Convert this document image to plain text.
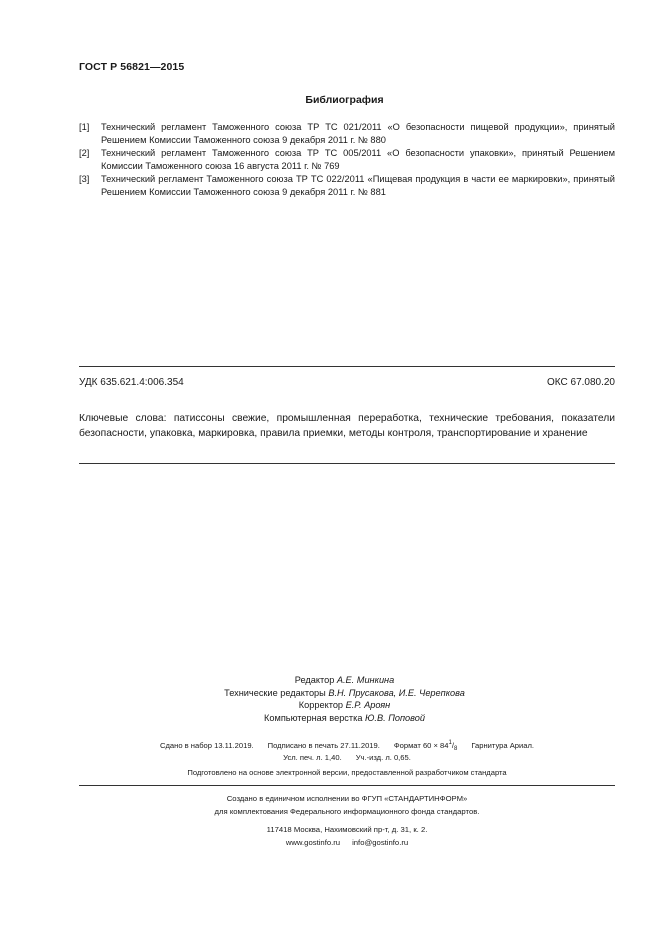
ГОСТ Р 56821—2015
Библиография
[1] Технический регламент Таможенного союза ТР ТС 021/2011 «О безопасности пищевой продукции», принятый Решением Комиссии Таможенного союза 9 декабря 2011 г. № 880
[2] Технический регламент Таможенного союза ТР ТС 005/2011 «О безопасности упаковки», принятый Решением Комиссии Таможенного союза 16 августа 2011 г. № 769
[3] Технический регламент Таможенного союза ТР ТС 022/2011 «Пищевая продукция в части ее маркировки», принятый Решением Комиссии Таможенного союза 9 декабря 2011 г. № 881
УДК 635.621.4:006.354	ОКС 67.080.20
Ключевые слова: патиссоны свежие, промышленная переработка, технические требования, показатели безопасности, упаковка, маркировка, правила приемки, методы контроля, транспортирование и хранение
Редактор А.Е. Минкина
Технические редакторы В.Н. Прусакова, И.Е. Черепкова
Корректор Е.Р. Ароян
Компьютерная верстка Ю.В. Поповой
Сдано в набор 13.11.2019. Подписано в печать 27.11.2019. Формат $60 \times 84^1/_8$ Гарнитура Ариал.
Усл. печ. л. 1,40. Уч.-изд. л. 0,65.
Подготовлено на основе электронной версии, предоставленной разработчиком стандарта
Создано в единичном исполнении во ФГУП «СТАНДАРТИНФОРМ»
для комплектования Федерального информационного фонда стандартов.
117418 Москва, Нахимовский пр-т, д. 31, к. 2.
www.gostinfo.ru info@gostinfo.ru
